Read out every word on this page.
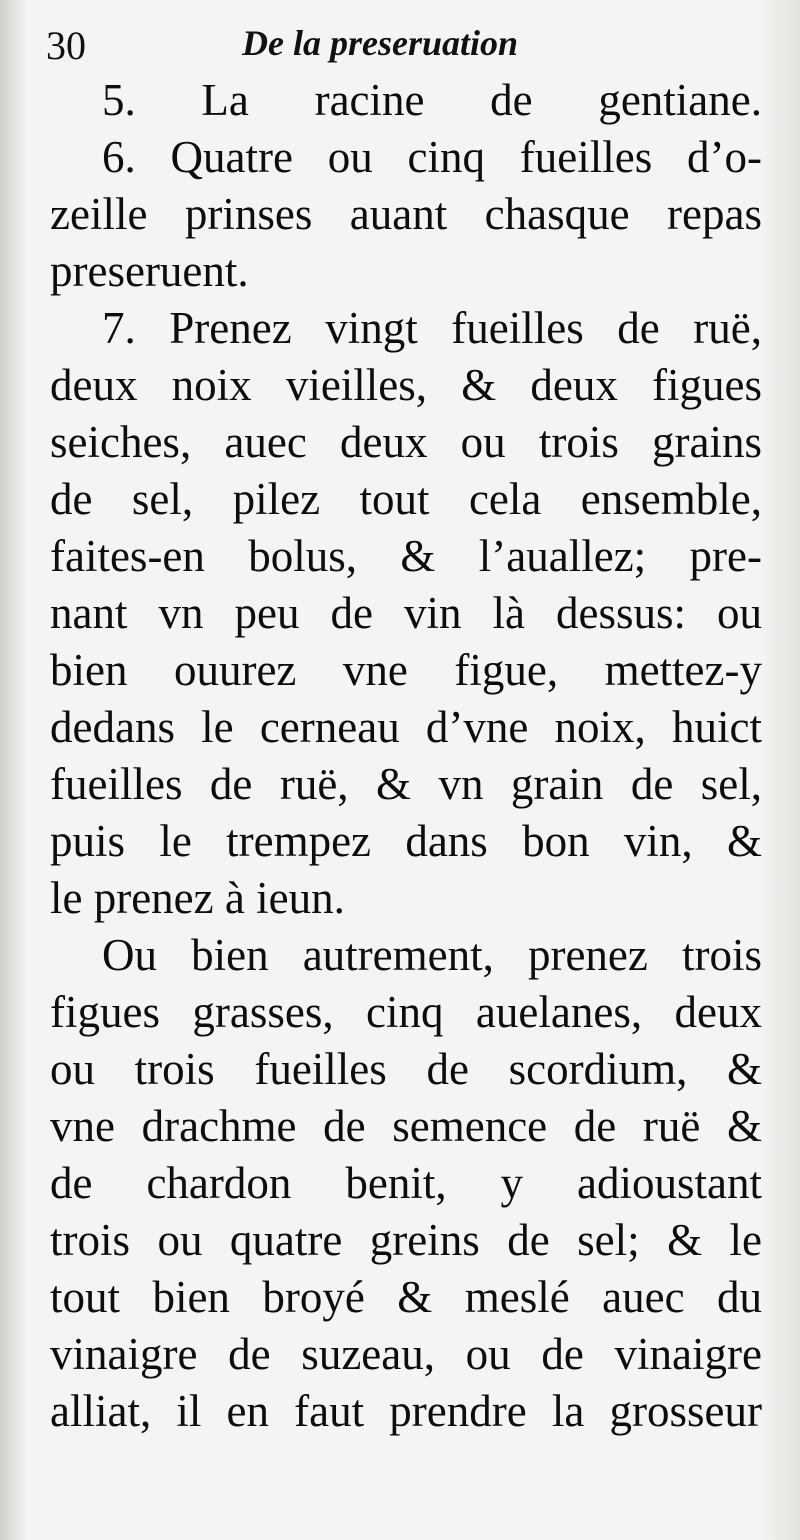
30	De la preseruation
5. La racine de gentiane.
6. Quatre ou cinq fueilles d’o-
zeille prinses auant chasque repas
preseruent.
7. Prenez vingt fueilles de ruë,
deux noix vieilles, & deux figues
seiches, auec deux ou trois grains
de sel, pilez tout cela ensemble,
faites-en bolus, & l’auallez; pre-
nant vn peu de vin là dessus: ou
bien ouurez vne figue, mettez-y
dedans le cerneau d’vne noix, huict
fueilles de ruë, & vn grain de sel,
puis le trempez dans bon vin, &
le prenez à ieun.
Ou bien autrement, prenez trois
figues grasses, cinq auelanes, deux
ou trois fueilles de scordium, &
vne drachme de semence de ruë &
de chardon benit, y adioustant
trois ou quatre greins de sel; & le
tout bien broyé & meslé auec du
vinaigre de suzeau, ou de vinaigre
alliat, il en faut prendre la grosseur
